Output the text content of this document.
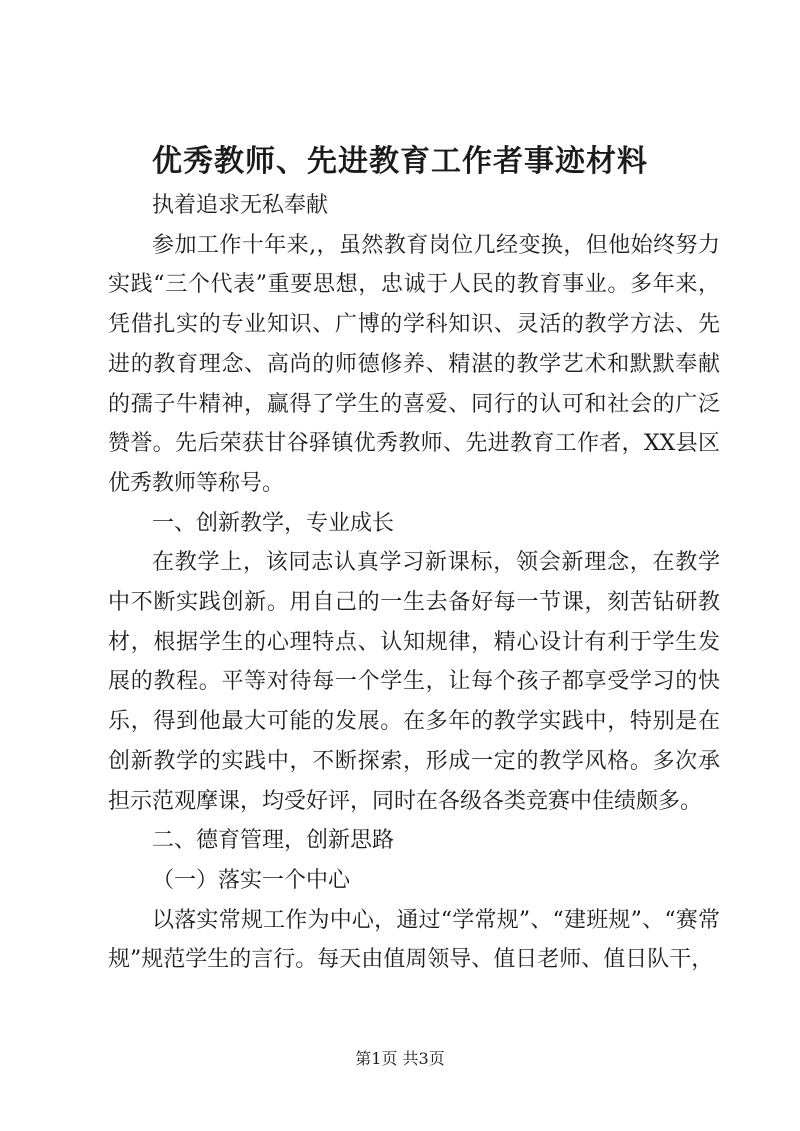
优秀教师、先进教育工作者事迹材料

执着追求无私奉献

参加工作十年来,，虽然教育岗位几经变换，但他始终努力实践“三个代表”重要思想，忠诚于人民的教育事业。多年来，凭借扎实的专业知识、广博的学科知识、灵活的教学方法、先进的教育理念、高尚的师德修养、精湛的教学艺术和默默奉献的孺子牛精神，赢得了学生的喜爱、同行的认可和社会的广泛赞誉。先后荣获甘谷驿镇优秀教师、先进教育工作者，XX县区优秀教师等称号。

一、创新教学，专业成长

在教学上，该同志认真学习新课标，领会新理念，在教学中不断实践创新。用自己的一生去备好每一节课，刻苦钻研教材，根据学生的心理特点、认知规律，精心设计有利于学生发展的教程。平等对待每一个学生，让每个孩子都享受学习的快乐，得到他最大可能的发展。在多年的教学实践中，特别是在创新教学的实践中，不断探索，形成一定的教学风格。多次承担示范观摩课，均受好评，同时在各级各类竞赛中佳绩颇多。

二、德育管理，创新思路

（一）落实一个中心

以落实常规工作为中心，通过“学常规”、“建班规”、“赛常规”规范学生的言行。每天由值周领导、值日老师、值日队干，

第1页 共3页
